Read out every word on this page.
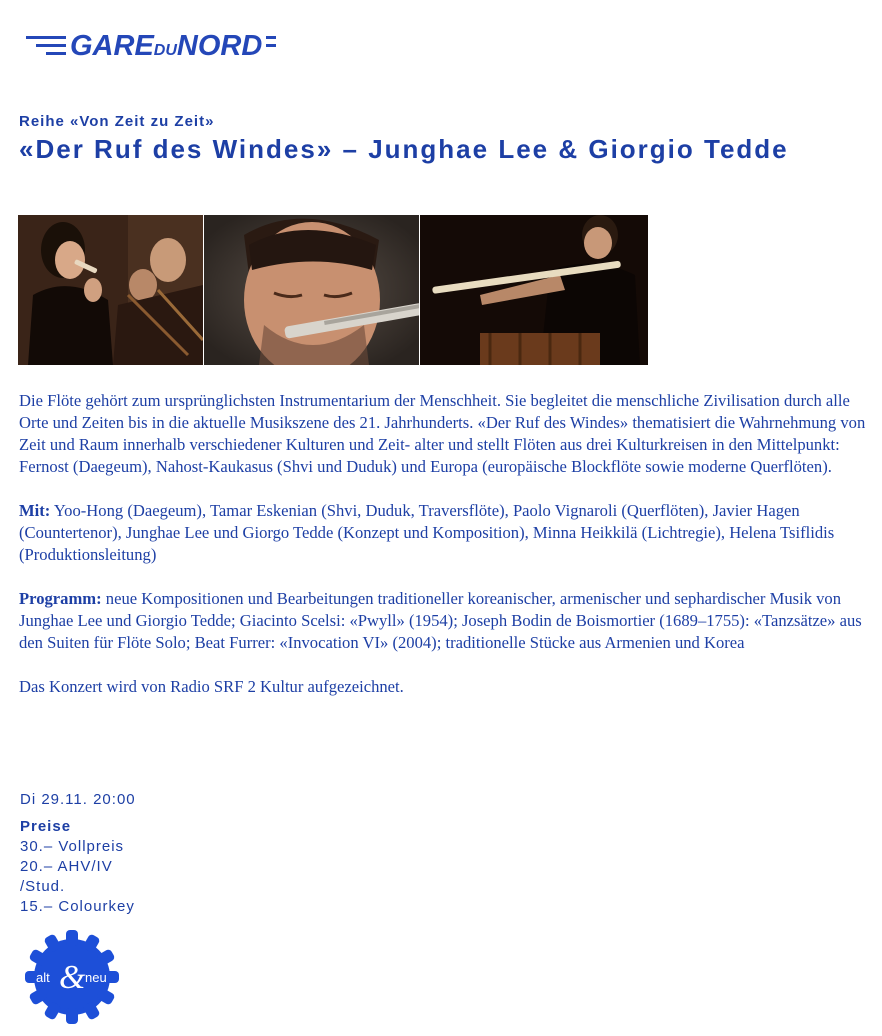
GAREDUNORD
Reihe «Von Zeit zu Zeit»
«Der Ruf des Windes» – Junghae Lee & Giorgio Tedde

Die Flöte gehört zum ursprünglichsten Instrumentarium der Menschheit. Sie begleitet die menschliche Zivilisation durch alle Orte und Zeiten bis in die aktuelle Musikszene des 21. Jahrhunderts. «Der Ruf des Windes» thematisiert die Wahrnehmung von Zeit und Raum innerhalb verschiedener Kulturen und Zeit- alter und stellt Flöten aus drei Kulturkreisen in den Mittelpunkt: Fernost (Daegeum), Nahost-Kaukasus (Shvi und Duduk) und Europa (europäische Blockflöte sowie moderne Querflöten).

Mit: Yoo-Hong (Daegeum), Tamar Eskenian (Shvi, Duduk, Traversflöte), Paolo Vignaroli (Querflöten), Javier Hagen (Countertenor), Junghae Lee und Giorgo Tedde (Konzept und Komposition), Minna Heikkilä (Lichtregie), Helena Tsiflidis (Produktionsleitung)

Programm: neue Kompositionen und Bearbeitungen traditioneller koreanischer, armenischer und sephardischer Musik von Junghae Lee und Giorgio Tedde; Giacinto Scelsi: «Pwyll» (1954); Joseph Bodin de Boismortier (1689–1755): «Tanzsätze» aus den Suiten für Flöte Solo; Beat Furrer: «Invocation VI» (2004); traditionelle Stücke aus Armenien und Korea

Das Konzert wird von Radio SRF 2 Kultur aufgezeichnet.

Di 29.11. 20:00
Preise
30.– Vollpreis
20.– AHV/IV
/Stud.
15.– Colourkey
alt & neu
